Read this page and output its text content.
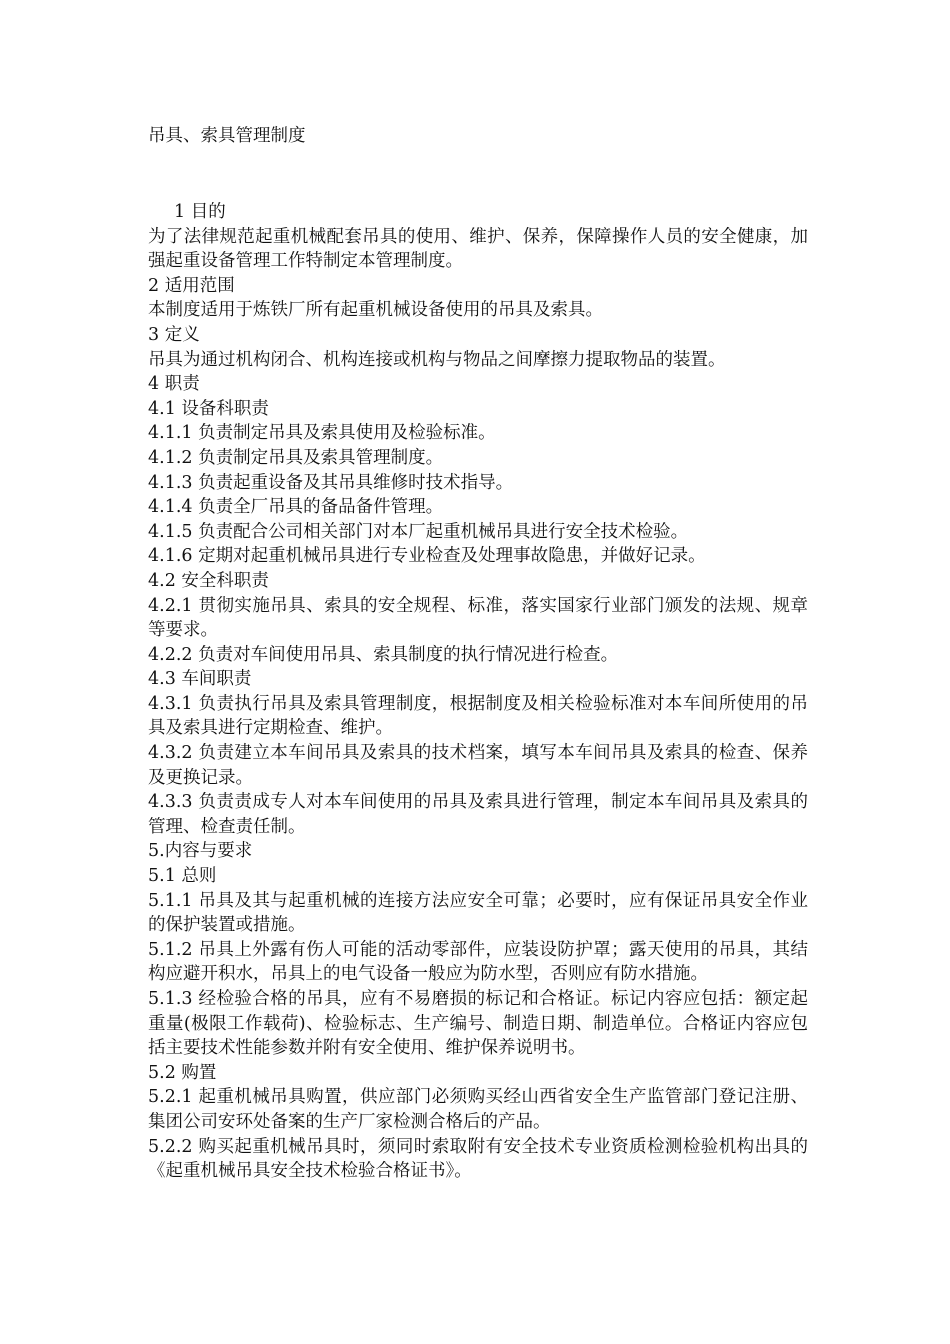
吊具、索具管理制度

1 目的

为了法律规范起重机械配套吊具的使用、维护、保养，保障操作人员的安全健康，加强起重设备管理工作特制定本管理制度。

2 适用范围

本制度适用于炼铁厂所有起重机械设备使用的吊具及索具。

3 定义

吊具为通过机构闭合、机构连接或机构与物品之间摩擦力提取物品的装置。

4 职责

4.1 设备科职责

4.1.1 负责制定吊具及索具使用及检验标准。

4.1.2 负责制定吊具及索具管理制度。

4.1.3 负责起重设备及其吊具维修时技术指导。

4.1.4 负责全厂吊具的备品备件管理。

4.1.5 负责配合公司相关部门对本厂起重机械吊具进行安全技术检验。

4.1.6 定期对起重机械吊具进行专业检查及处理事故隐患，并做好记录。

4.2 安全科职责

4.2.1 贯彻实施吊具、索具的安全规程、标准，落实国家行业部门颁发的法规、规章等要求。

4.2.2 负责对车间使用吊具、索具制度的执行情况进行检查。

4.3 车间职责

4.3.1 负责执行吊具及索具管理制度，根据制度及相关检验标准对本车间所使用的吊具及索具进行定期检查、维护。

4.3.2 负责建立本车间吊具及索具的技术档案，填写本车间吊具及索具的检查、保养及更换记录。

4.3.3 负责责成专人对本车间使用的吊具及索具进行管理，制定本车间吊具及索具的管理、检查责任制。

5.内容与要求

5.1 总则

5.1.1 吊具及其与起重机械的连接方法应安全可靠；必要时，应有保证吊具安全作业的保护装置或措施。

5.1.2 吊具上外露有伤人可能的活动零部件，应装设防护罩；露天使用的吊具，其结构应避开积水，吊具上的电气设备一般应为防水型，否则应有防水措施。

5.1.3 经检验合格的吊具，应有不易磨损的标记和合格证。标记内容应包括：额定起重量(极限工作载荷)、检验标志、生产编号、制造日期、制造单位。合格证内容应包括主要技术性能参数并附有安全使用、维护保养说明书。

5.2 购置

5.2.1 起重机械吊具购置，供应部门必须购买经山西省安全生产监管部门登记注册、集团公司安环处备案的生产厂家检测合格后的产品。

5.2.2 购买起重机械吊具时，须同时索取附有安全技术专业资质检测检验机构出具的《起重机械吊具安全技术检验合格证书》。
